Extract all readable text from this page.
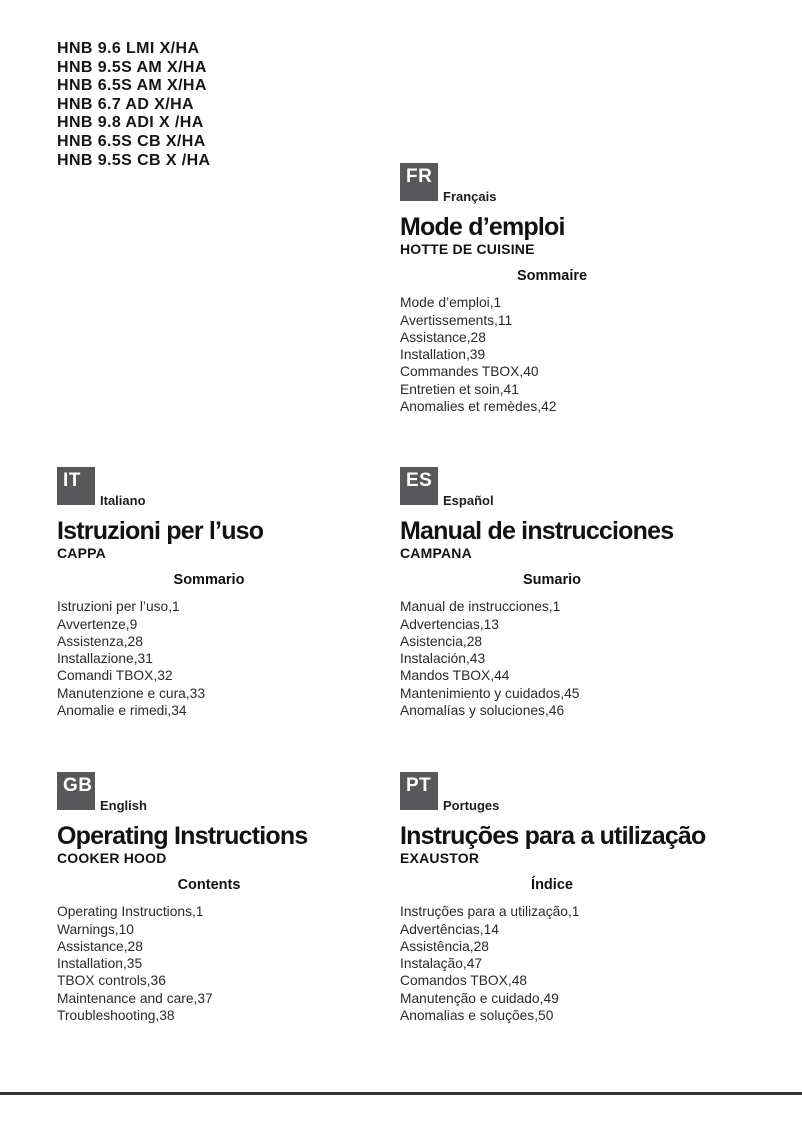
HNB 9.6 LMI X/HA
HNB 9.5S AM X/HA
HNB 6.5S AM X/HA
HNB 6.7 AD X/HA
HNB 9.8 ADI X /HA
HNB 6.5S CB X/HA
HNB 9.5S CB X /HA
FR
Français
Mode d’emploi
HOTTE DE CUISINE
Sommaire
Mode d’emploi,1
Avertissements,11
Assistance,28
Installation,39
Commandes TBOX,40
Entretien et soin,41
Anomalies et remèdes,42
IT
Italiano
Istruzioni per l’uso
CAPPA
Sommario
Istruzioni per l’uso,1
Avvertenze,9
Assistenza,28
Installazione,31
Comandi TBOX,32
Manutenzione e cura,33
Anomalie e rimedi,34
ES
Español
Manual de instrucciones
CAMPANA
Sumario
Manual de instrucciones,1
Advertencias,13
Asistencia,28
Instalación,43
Mandos TBOX,44
Mantenimiento y cuidados,45
Anomalías y soluciones,46
GB
English
Operating Instructions
COOKER HOOD
Contents
Operating Instructions,1
Warnings,10
Assistance,28
Installation,35
TBOX controls,36
Maintenance and care,37
Troubleshooting,38
PT
Portuges
Instruções para a utilização
EXAUSTOR
Índice
Instruções para a utilização,1
Advertências,14
Assistência,28
Instalação,47
Comandos TBOX,48
Manutenção e cuidado,49
Anomalias e soluções,50
